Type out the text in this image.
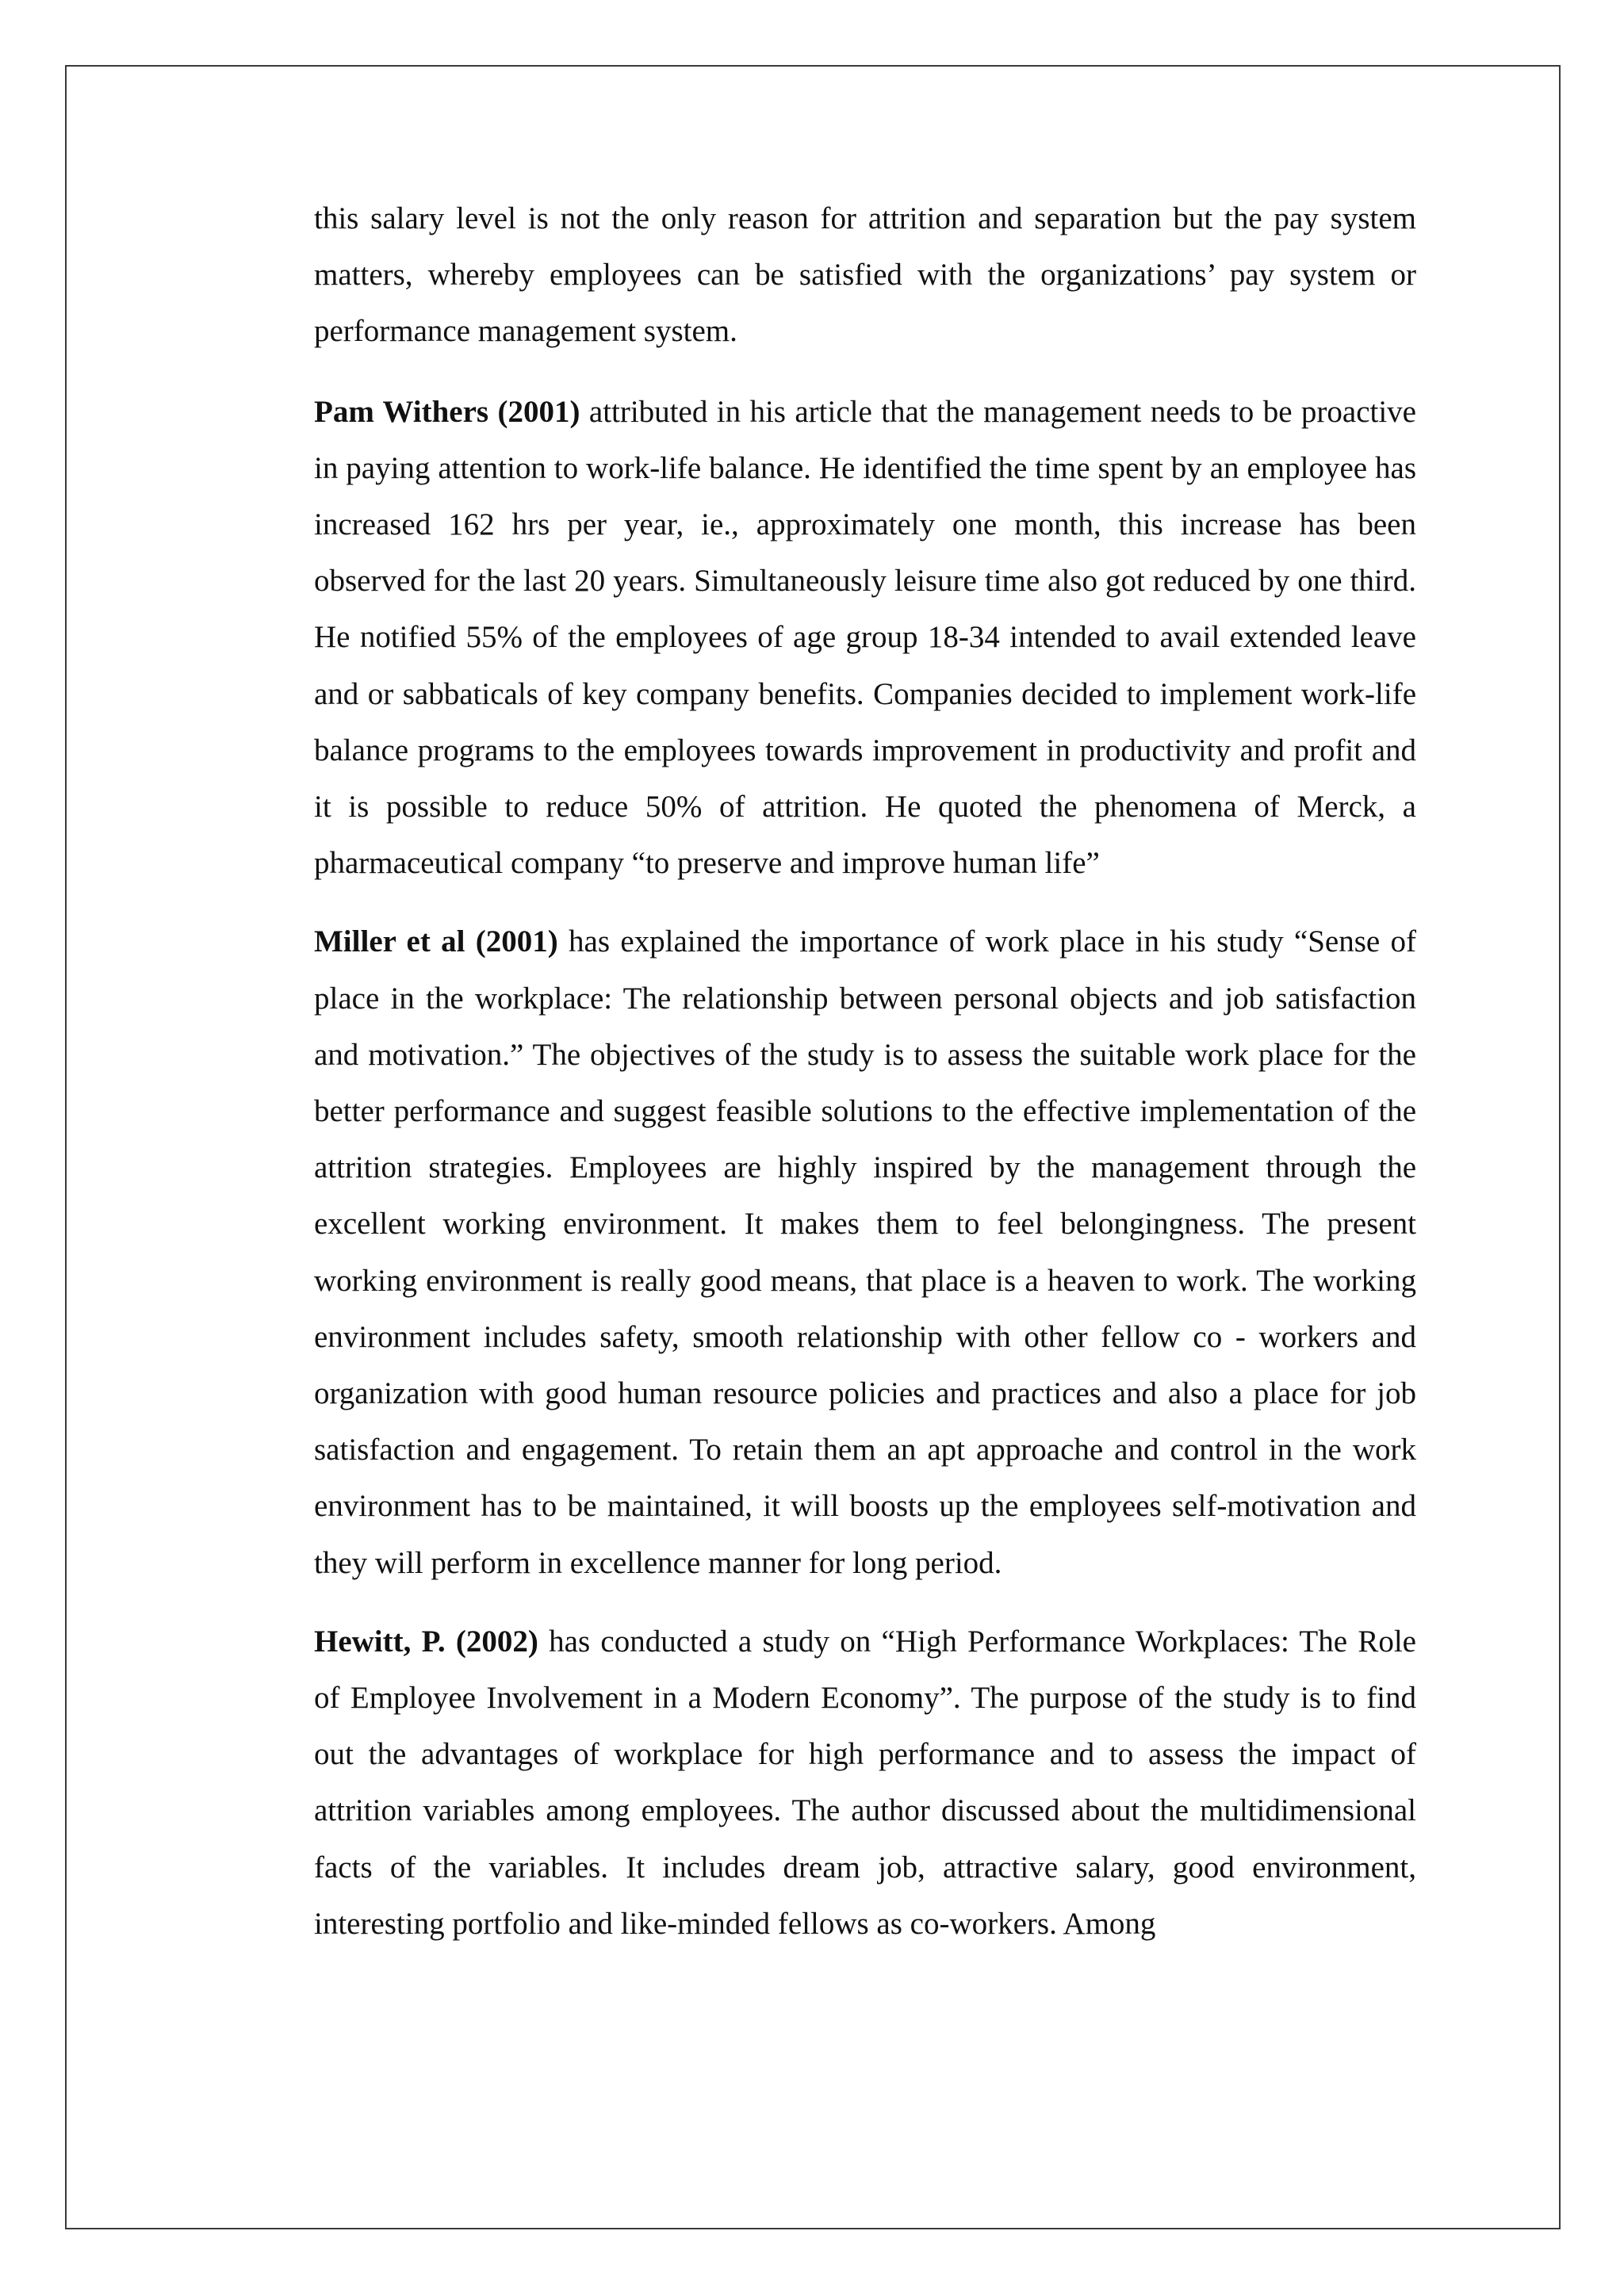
this salary level is not the only reason for attrition and separation but the pay system matters, whereby employees can be satisfied with the organizations’ pay system or performance management system.

Pam Withers (2001) attributed in his article that the management needs to be proactive in paying attention to work-life balance. He identified the time spent by an employee has increased 162 hrs per year, ie., approximately one month, this increase has been observed for the last 20 years. Simultaneously leisure time also got reduced by one third. He notified 55% of the employees of age group 18-34 intended to avail extended leave and or sabbaticals of key company benefits. Companies decided to implement work-life balance programs to the employees towards improvement in productivity and profit and it is possible to reduce 50% of attrition. He quoted the phenomena of Merck, a pharmaceutical company “to preserve and improve human life”

Miller et al (2001) has explained the importance of work place in his study “Sense of place in the workplace: The relationship between personal objects and job satisfaction and motivation.” The objectives of the study is to assess the suitable work place for the better performance and suggest feasible solutions to the effective implementation of the attrition strategies. Employees are highly inspired by the management through the excellent working environment. It makes them to feel belongingness. The present working environment is really good means, that place is a heaven to work. The working environment includes safety, smooth relationship with other fellow co - workers and organization with good human resource policies and practices and also a place for job satisfaction and engagement. To retain them an apt approache and control in the work environment has to be maintained, it will boosts up the employees self-motivation and they will perform in excellence manner for long period.

Hewitt, P. (2002) has conducted a study on “High Performance Workplaces: The Role of Employee Involvement in a Modern Economy”. The purpose of the study is to find out the advantages of workplace for high performance and to assess the impact of attrition variables among employees. The author discussed about the multidimensional facts of the variables. It includes dream job, attractive salary, good environment, interesting portfolio and like-minded fellows as co-workers. Among
